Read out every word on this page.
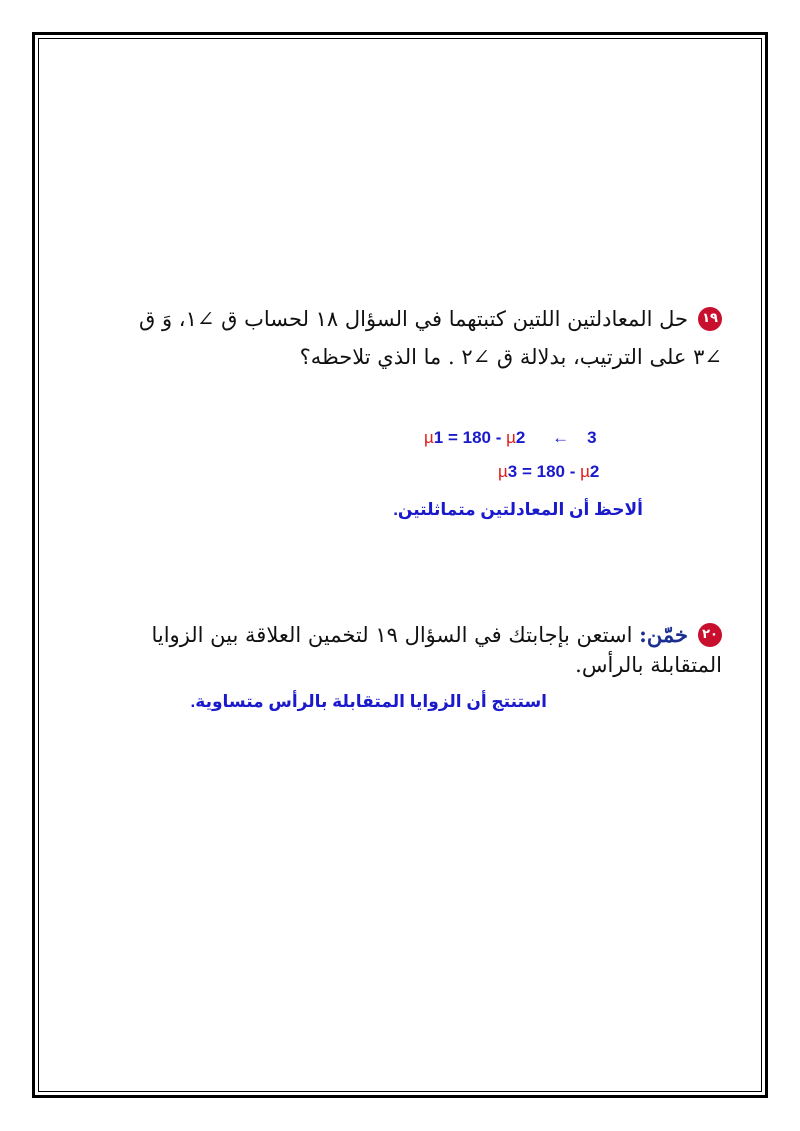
١٩حل المعادلتين اللتين كتبتهما في السؤال ١٨ لحساب ق ∠١، وَ ق ∠٣ على الترتيب، بدلالة ق ∠٢ . ما الذي تلاحظه؟
µ1 = 180 - µ2 ← 3
µ3 = 180 - µ2
ألاحظ أن المعادلتين متماثلتين.
٢٠خمّن: استعن بإجابتك في السؤال ١٩ لتخمين العلاقة بين الزوايا المتقابلة بالرأس.
استنتج أن الزوايا المتقابلة بالرأس متساوية.
